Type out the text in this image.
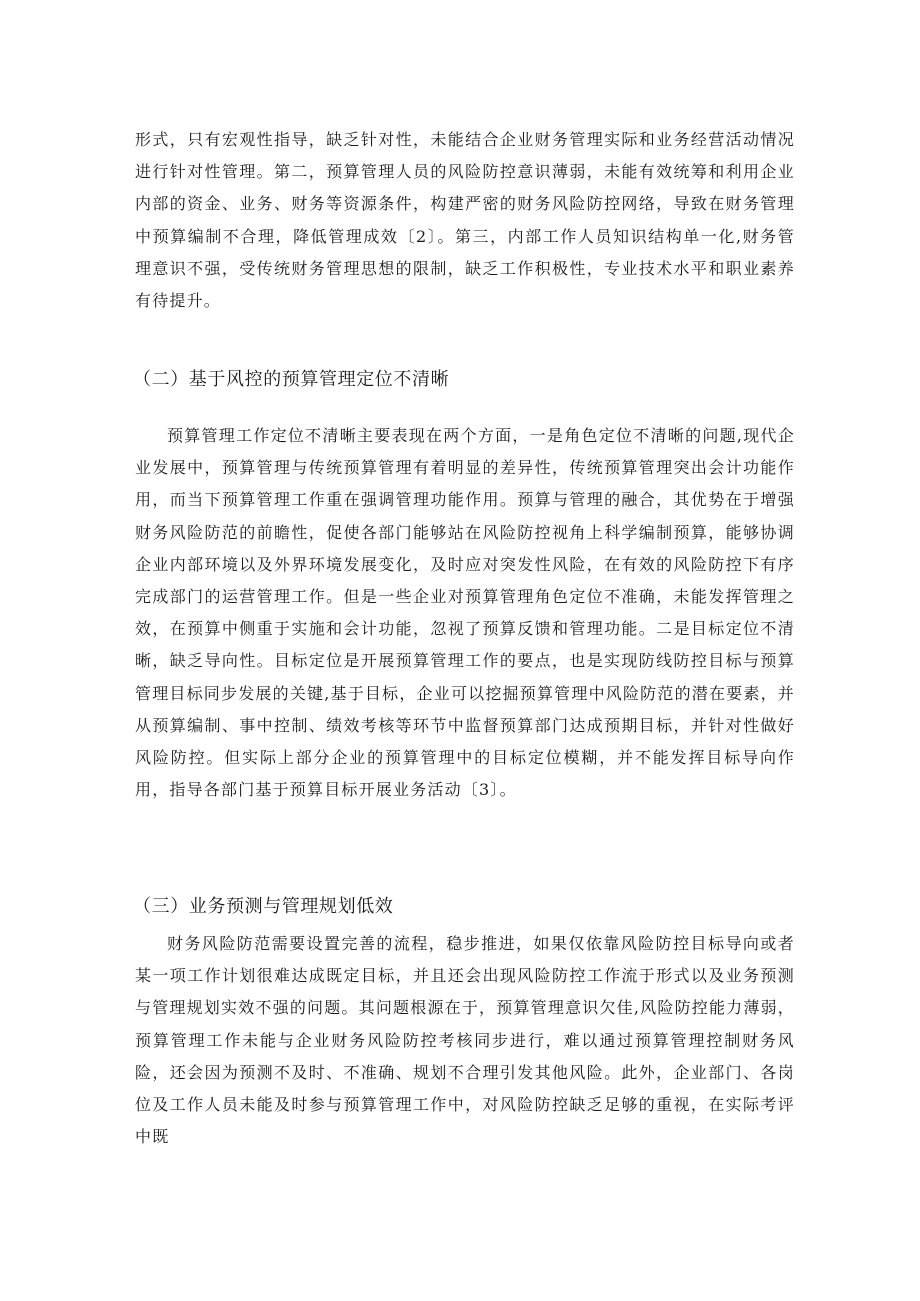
形式，只有宏观性指导，缺乏针对性，未能结合企业财务管理实际和业务经营活动情况进行针对性管理。第二，预算管理人员的风险防控意识薄弱，未能有效统筹和利用企业内部的资金、业务、财务等资源条件，构建严密的财务风险防控网络，导致在财务管理中预算编制不合理，降低管理成效〔2〕。第三，内部工作人员知识结构单一化,财务管理意识不强，受传统财务管理思想的限制，缺乏工作积极性，专业技术水平和职业素养有待提升。

（二）基于风控的预算管理定位不清晰

预算管理工作定位不清晰主要表现在两个方面，一是角色定位不清晰的问题,现代企业发展中，预算管理与传统预算管理有着明显的差异性，传统预算管理突出会计功能作用，而当下预算管理工作重在强调管理功能作用。预算与管理的融合，其优势在于增强财务风险防范的前瞻性，促使各部门能够站在风险防控视角上科学编制预算，能够协调企业内部环境以及外界环境发展变化，及时应对突发性风险，在有效的风险防控下有序完成部门的运营管理工作。但是一些企业对预算管理角色定位不准确，未能发挥管理之效，在预算中侧重于实施和会计功能，忽视了预算反馈和管理功能。二是目标定位不清晰，缺乏导向性。目标定位是开展预算管理工作的要点，也是实现防线防控目标与预算管理目标同步发展的关键,基于目标，企业可以挖掘预算管理中风险防范的潜在要素，并从预算编制、事中控制、绩效考核等环节中监督预算部门达成预期目标，并针对性做好风险防控。但实际上部分企业的预算管理中的目标定位模糊，并不能发挥目标导向作用，指导各部门基于预算目标开展业务活动〔3〕。

（三）业务预测与管理规划低效

财务风险防范需要设置完善的流程，稳步推进，如果仅依靠风险防控目标导向或者某一项工作计划很难达成既定目标，并且还会出现风险防控工作流于形式以及业务预测与管理规划实效不强的问题。其问题根源在于，预算管理意识欠佳,风险防控能力薄弱，预算管理工作未能与企业财务风险防控考核同步进行，难以通过预算管理控制财务风险，还会因为预测不及时、不准确、规划不合理引发其他风险。此外，企业部门、各岗位及工作人员未能及时参与预算管理工作中，对风险防控缺乏足够的重视，在实际考评中既
